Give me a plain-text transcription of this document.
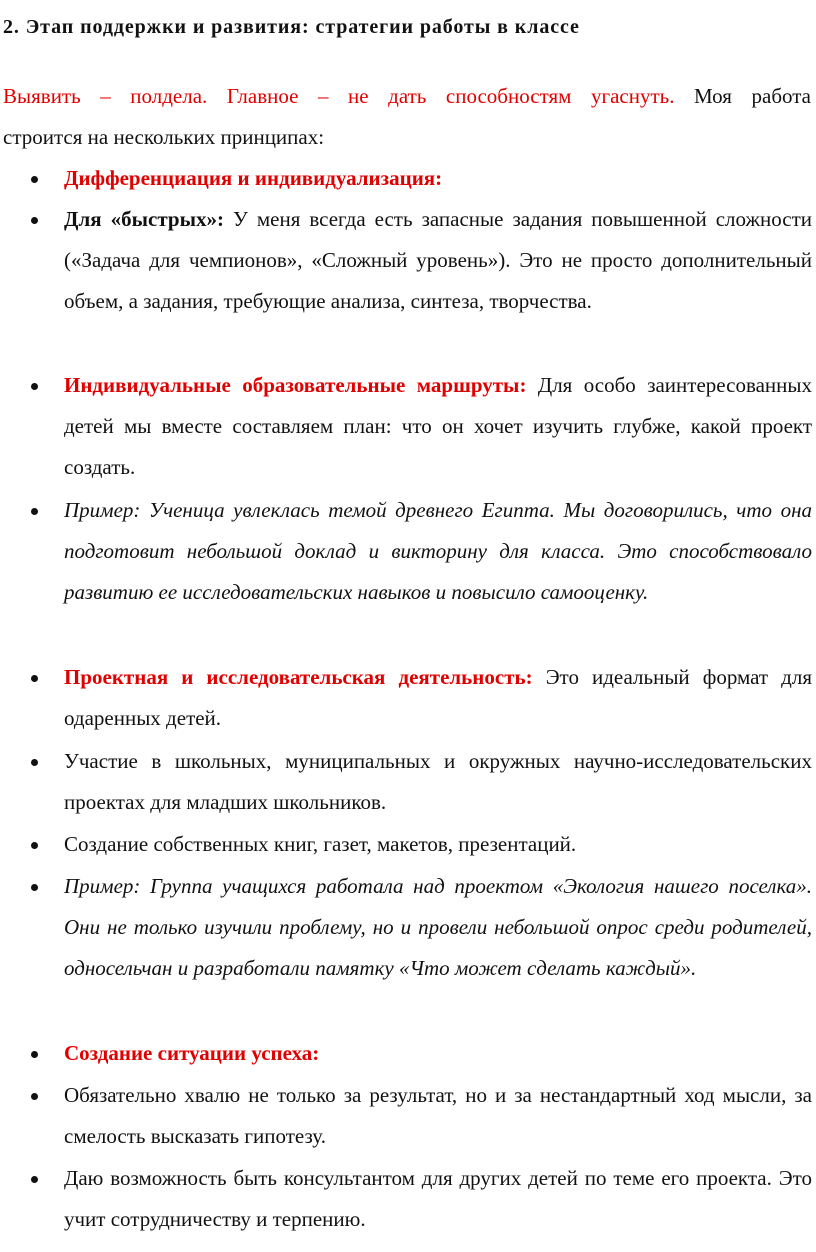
2. Этап поддержки и развития: стратегии работы в классе
Выявить – полдела. Главное – не дать способностям угаснуть. Моя работа
строится на нескольких принципах:
Дифференциация и индивидуализация:
Для «быстрых»: У меня всегда есть запасные задания повышенной сложности («Задача для чемпионов», «Сложный уровень»). Это не просто дополнительный объем, а задания, требующие анализа, синтеза, творчества.
Индивидуальные образовательные маршруты: Для особо заинтересованных детей мы вместе составляем план: что он хочет изучить глубже, какой проект создать.
Пример: Ученица увлеклась темой древнего Египта. Мы договорились, что она подготовит небольшой доклад и викторину для класса. Это способствовало развитию ее исследовательских навыков и повысило самооценку.
Проектная и исследовательская деятельность: Это идеальный формат для одаренных детей.
Участие в школьных, муниципальных и окружных научно-исследовательских проектах для младших школьников.
Создание собственных книг, газет, макетов, презентаций.
Пример: Группа учащихся работала над проектом «Экология нашего поселка». Они не только изучили проблему, но и провели небольшой опрос среди родителей, односельчан и разработали памятку «Что может сделать каждый».
Создание ситуации успеха:
Обязательно хвалю не только за результат, но и за нестандартный ход мысли, за смелость высказать гипотезу.
Даю возможность быть консультантом для других детей по теме его проекта. Это учит сотрудничеству и терпению.
